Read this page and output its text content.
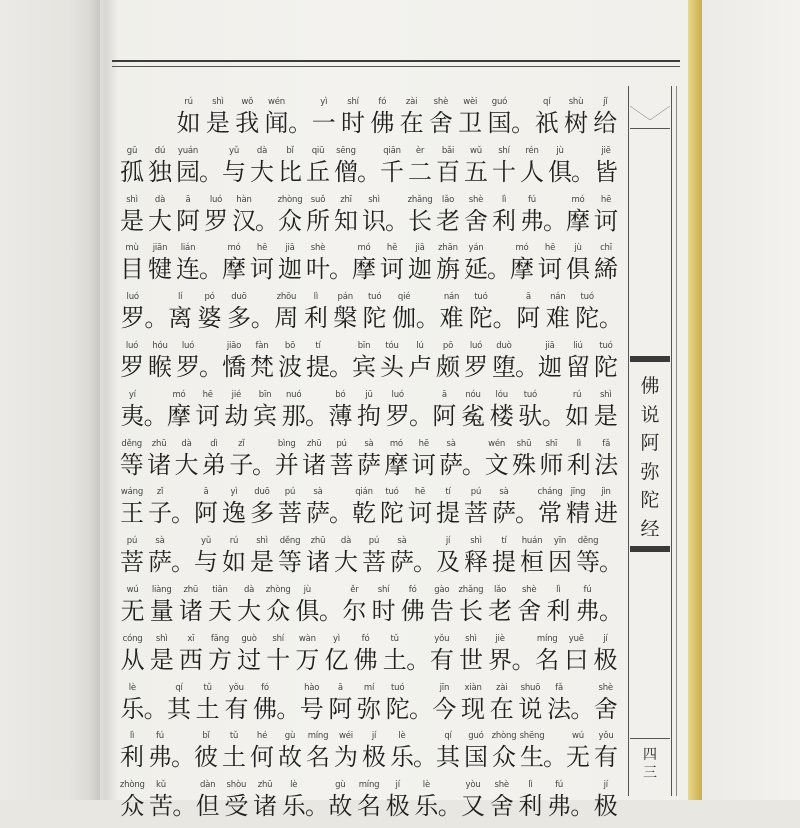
rú
如
shì
是
wǒ
我
wén
闻 。
yì
一
shí
时
fó
佛
zài
在
shè
舍
wèi
卫
guó
国 。
qí
祇
shù
树
jǐ
给
gū
孤
dú
独
yuán
园 。
yǔ
与
dà
大
bǐ
比
qiū
丘
sēng
僧 。
qiān
千
èr
二
bǎi
百
wǔ
五
shí
十
rén
人
jù
俱 。
jiē
皆
shì
是
dà
大
ā
阿
luó
罗
hàn
汉 。
zhòng
众
suǒ
所
zhī
知
shì
识 。
zhǎng
长
lǎo
老
shè
舍
lì
利
fú
弗 。
mó
摩
hē
诃
mù
目
jiān
犍
lián
连 。
mó
摩
hē
诃
jiā
迦
shè
叶 。
mó
摩
hē
诃
jiā
迦
zhān
旃
yán
延 。
mó
摩
hē
诃
jù
俱
chī
絺
luó
罗 。
lí
离
pó
婆
duō
多 。
zhōu
周
lì
利
pán
槃
tuó
陀
qié
伽 。
nán
难
tuó
陀 。
ā
阿
nán
难
tuó
陀 。
luó
罗
hóu
睺
luó
罗 。
jiāo
憍
fàn
梵
bō
波
tí
提 。
bīn
宾
tóu
头
lú
卢
pō
颇
luó
罗
duò
堕 。
jiā
迦
liú
留
tuó
陀
yí
夷 。
mó
摩
hē
诃
jié
劫
bīn
宾
nuó
那 。
bó
薄
jū
拘
luó
罗 。
ā
阿
nóu
㝹
lóu
楼
tuó
驮 。
rú
如
shì
是
děng
等
zhū
诸
dà
大
dì
弟
zǐ
子
。
bìng
并
zhū
诸
pú
菩
sà
萨
mó
摩
hē
诃
sà
萨
。
wén
文
shū
殊
shī
师
lì
利
fǎ
法
wáng
王
zǐ
子 。
ā
阿
yì
逸
duō
多
pú
菩
sà
萨 。
qián
乾
tuó
陀
hē
诃
tí
提
pú
菩
sà
萨 。
cháng
常
jīng
精
jìn
进
pú
菩
sà
萨 。
yǔ
与
rú
如
shì
是
děng
等
zhū
诸
dà
大
pú
菩
sà
萨 。
jí
及
shì
释
tí
提
huán
桓
yīn
因
děng
等 。
wú
无
liàng
量
zhū
诸
tiān
天
dà
大
zhòng
众
jù
俱 。
ěr
尔
shí
时
fó
佛
gào
告
zhǎng
长
lǎo
老
shè
舍
lì
利
fú
弗 。
cóng
从
shì
是
xī
西
fāng
方
guò
过
shí
十
wàn
万
yì
亿
fó
佛
tǔ
土 。
yǒu
有
shì
世
jiè
界 。
míng
名
yuē
曰
jí
极
lè
乐 。
qí
其
tǔ
土
yǒu
有
fó
佛 。
hào
号
ā
阿
mí
弥
tuó
陀 。
jīn
今
xiàn
现
zài
在
shuō
说
fǎ
法 。
shè
舍
lì
利
fú
弗 。
bǐ
彼
tǔ
土
hé
何
gù
故
míng
名
wéi
为
jí
极
lè
乐 。
qí
其
guó
国
zhòng
众
shēng
生 。
wú
无
yǒu
有
zhòng
众
kǔ
苦 。
dàn
但
shòu
受
zhū
诸
lè
乐 。
gù
故
míng
名
jí
极
lè
乐 。
yòu
又
shè
舍
lì
利
fú
弗 。
jí
极
佛
说
阿
弥
陀
经
四
三
